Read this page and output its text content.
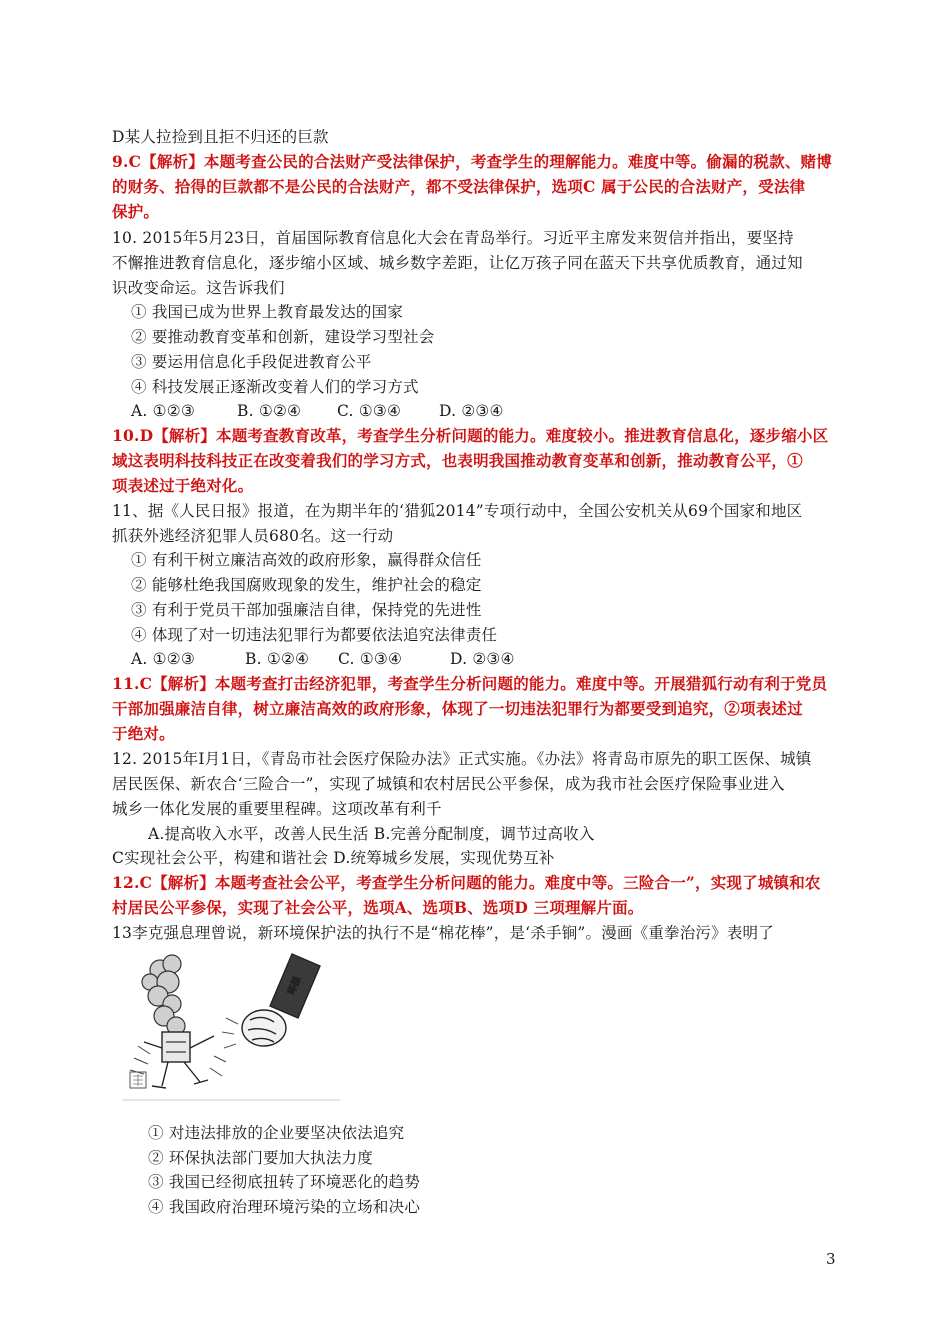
D某人拉捡到且拒不归还的巨款
9.C【解析】本题考查公民的合法财产受法律保护，考查学生的理解能力。难度中等。偷漏的税款、赌博
的财务、拾得的巨款都不是公民的合法财产，都不受法律保护，选项C 属于公民的合法财产，受法律
保护。
10. 2015年5月23日，首届国际教育信息化大会在青岛举行。习近平主席发来贺信并指出，要坚持
不懈推进教育信息化，逐步缩小区域、城乡数字差距，让亿万孩子同在蓝天下共享优质教育，通过知
识改变命运。这告诉我们
① 我国已成为世界上教育最发达的国家
② 要推动教育变革和创新，建设学习型社会
③ 要运用信息化手段促进教育公平
④ 科技发展正逐渐改变着人们的学习方式
A. ①②③	B. ①②④ C. ①③④ D. ②③④
10.D【解析】本题考查教育改革，考查学生分析问题的能力。难度较小。推进教育信息化，逐步缩小区
域这表明科技科技正在改变着我们的学习方式，也表明我国推动教育变革和创新，推动教育公平，①
项表述过于绝对化。
11、据《人民日报》报道，在为期半年的‘猎狐2014”专项行动中，全国公安机关从69个国家和地区
抓获外逃经济犯罪人员680名。这一行动
① 有利干树立廉洁高效的政府形象，赢得群众信任
② 能够杜绝我国腐败现象的发生，维护社会的稳定
③ 有利于党员干部加强廉洁自律，保持党的先进性
④ 体现了对一切违法犯罪行为都要依法追究法律责任
A. ①②③	B. ①②④ C. ①③④	D. ②③④
11.C【解析】本题考查打击经济犯罪，考查学生分析问题的能力。难度中等。开展猎狐行动有利于党员
干部加强廉洁自律，树立廉洁高效的政府形象，体现了一切违法犯罪行为都要受到追究，②项表述过
于绝对。
12. 2015年I月1日，《青岛市社会医疗保险办法》正式实施。《办法》将青岛市原先的职工医保、城镇
居民医保、新农合‘三险合一”，实现了城镇和农村居民公平参保，成为我市社会医疗保险事业进入
城乡一体化发展的重要里程碑。这项改革有利千
A.提高收入水平，改善人民生活 B.完善分配制度，调节过高收入
C实现社会公平，构建和谐社会 D.统筹城乡发展，实现优势互补
12.C【解析】本题考查社会公平，考查学生分析问题的能力。难度中等。三险合一”，实现了城镇和农
村居民公平参保，实现了社会公平，选项A、选项B、选项D 三项理解片面。
13李克强息理曾说，新环境保护法的执行不是“棉花棒”，是‘杀手锏”。漫画《重拳治污》表明了
环保
① 对违法排放的企业要坚决依法追究
② 环保执法部门要加大执法力度
③ 我国已经彻底扭转了环境恶化的趋势
④ 我国政府治理环境污染的立场和决心
3
